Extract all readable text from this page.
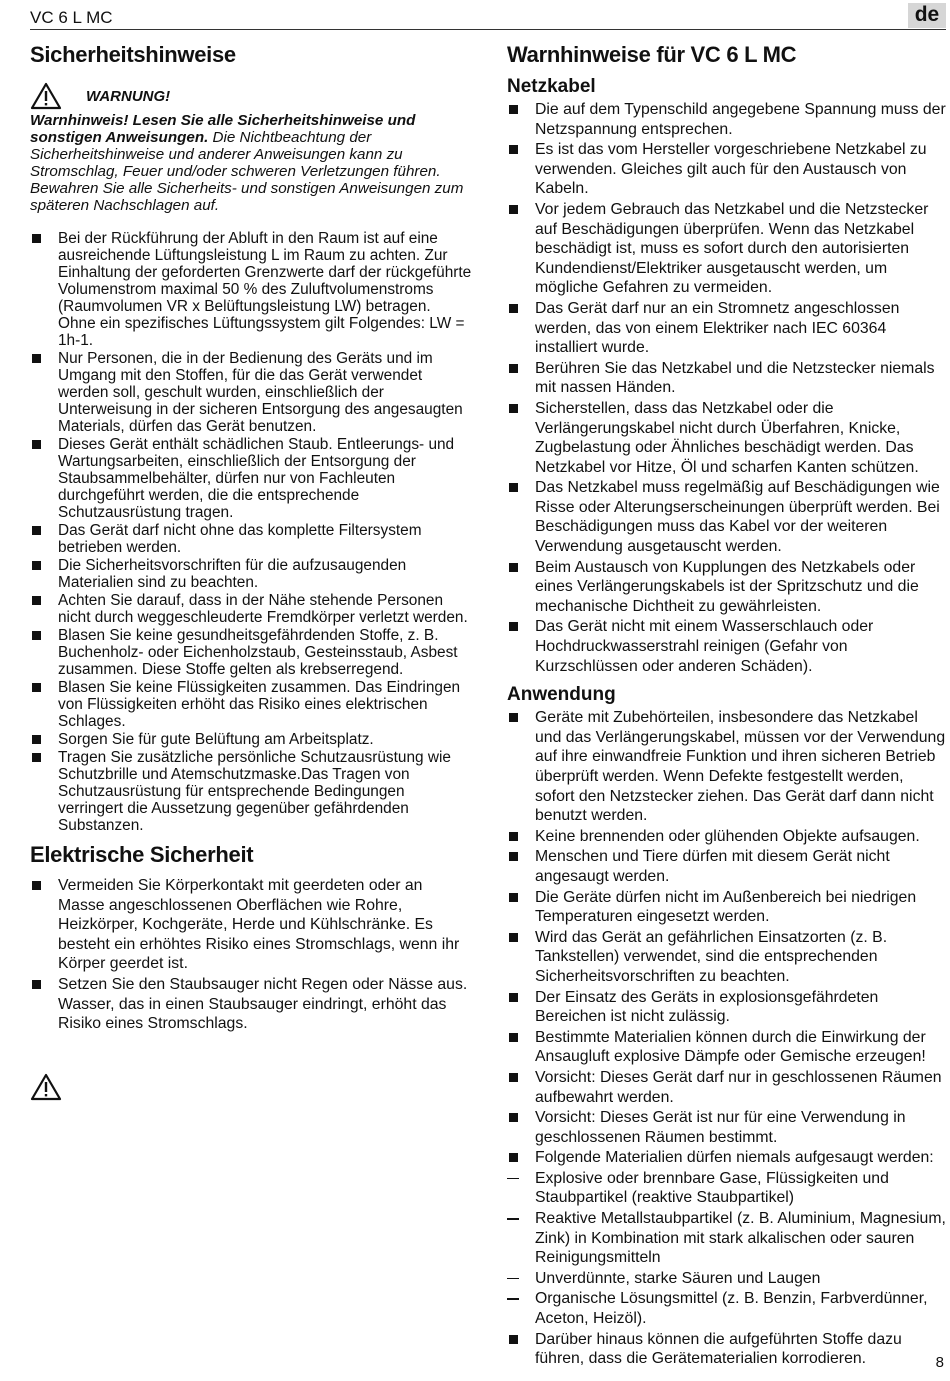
VC 6 L MC	de
Sicherheitshinweise
WARNUNG!

Warnhinweis! Lesen Sie alle Sicherheitshinweise und sonstigen Anweisungen. Die Nichtbeachtung der Sicherheitshinweise und anderer Anweisungen kann zu Stromschlag, Feuer und/oder schweren Verletzungen führen.

Bewahren Sie alle Sicherheits- und sonstigen Anweisungen zum späteren Nachschlagen auf.

Bei der Rückführung der Abluft in den Raum ist auf eine ausreichende Lüftungsleistung L im Raum zu achten. Zur Einhaltung der geforderten Grenzwerte darf der rückgeführte Volumenstrom maximal 50 % des Zuluftvolumenstroms (Raumvolumen VR x Belüftungsleistung LW) betragen. Ohne ein spezifisches Lüftungssystem gilt Folgendes: LW = 1h-1.
Nur Personen, die in der Bedienung des Geräts und im Umgang mit den Stoffen, für die das Gerät verwendet werden soll, geschult wurden, einschließlich der Unterweisung in der sicheren Entsorgung des angesaugten Materials, dürfen das Gerät benutzen.
Dieses Gerät enthält schädlichen Staub. Entleerungs- und Wartungsarbeiten, einschließlich der Entsorgung der Staubsammelbehälter, dürfen nur von Fachleuten durchgeführt werden, die die entsprechende Schutzausrüstung tragen.
Das Gerät darf nicht ohne das komplette Filtersystem betrieben werden.
Die Sicherheitsvorschriften für die aufzusaugenden Materialien sind zu beachten.
Achten Sie darauf, dass in der Nähe stehende Personen nicht durch weggeschleuderte Fremdkörper verletzt werden.
Blasen Sie keine gesundheitsgefährdenden Stoffe, z. B. Buchenholz- oder Eichenholzstaub, Gesteinsstaub, Asbest zusammen. Diese Stoffe gelten als krebserregend.
Blasen Sie keine Flüssigkeiten zusammen. Das Eindringen von Flüssigkeiten erhöht das Risiko eines elektrischen Schlages.
Sorgen Sie für gute Belüftung am Arbeitsplatz.
Tragen Sie zusätzliche persönliche Schutzausrüstung wie Schutzbrille und Atemschutzmaske.Das Tragen von Schutzausrüstung für entsprechende Bedingungen verringert die Aussetzung gegenüber gefährdenden Substanzen.
Elektrische Sicherheit
Vermeiden Sie Körperkontakt mit geerdeten oder an Masse angeschlossenen Oberflächen wie Rohre, Heizkörper, Kochgeräte, Herde und Kühlschränke. Es besteht ein erhöhtes Risiko eines Stromschlags, wenn ihr Körper geerdet ist.
Setzen Sie den Staubsauger nicht Regen oder Nässe aus. Wasser, das in einen Staubsauger eindringt, erhöht das Risiko eines Stromschlags.
Warnhinweise für VC 6 L MC
Netzkabel
Die auf dem Typenschild angegebene Spannung muss der Netzspannung entsprechen.
Es ist das vom Hersteller vorgeschriebene Netzkabel zu verwenden. Gleiches gilt auch für den Austausch von Kabeln.
Vor jedem Gebrauch das Netzkabel und die Netzstecker auf Beschädigungen überprüfen. Wenn das Netzkabel beschädigt ist, muss es sofort durch den autorisierten Kundendienst/Elektriker ausgetauscht werden, um mögliche Gefahren zu vermeiden.
Das Gerät darf nur an ein Stromnetz angeschlossen werden, das von einem Elektriker nach IEC 60364 installiert wurde.
Berühren Sie das Netzkabel und die Netzstecker niemals mit nassen Händen.
Sicherstellen, dass das Netzkabel oder die Verlängerungskabel nicht durch Überfahren, Knicke, Zugbelastung oder Ähnliches beschädigt werden. Das Netzkabel vor Hitze, Öl und scharfen Kanten schützen.
Das Netzkabel muss regelmäßig auf Beschädigungen wie Risse oder Alterungserscheinungen überprüft werden. Bei Beschädigungen muss das Kabel vor der weiteren Verwendung ausgetauscht werden.
Beim Austausch von Kupplungen des Netzkabels oder eines Verlängerungskabels ist der Spritzschutz und die mechanische Dichtheit zu gewährleisten.
Das Gerät nicht mit einem Wasserschlauch oder Hochdruckwasserstrahl reinigen (Gefahr von Kurzschlüssen oder anderen Schäden).
Anwendung
Geräte mit Zubehörteilen, insbesondere das Netzkabel und das Verlängerungskabel, müssen vor der Verwendung auf ihre einwandfreie Funktion und ihren sicheren Betrieb überprüft werden. Wenn Defekte festgestellt werden, sofort den Netzstecker ziehen. Das Gerät darf dann nicht benutzt werden.
Keine brennenden oder glühenden Objekte aufsaugen.
Menschen und Tiere dürfen mit diesem Gerät nicht angesaugt werden.
Die Geräte dürfen nicht im Außenbereich bei niedrigen Temperaturen eingesetzt werden.
Wird das Gerät an gefährlichen Einsatzorten (z. B. Tankstellen) verwendet, sind die entsprechenden Sicherheitsvorschriften zu beachten.
Der Einsatz des Geräts in explosionsgefährdeten Bereichen ist nicht zulässig.
Bestimmte Materialien können durch die Einwirkung der Ansaugluft explosive Dämpfe oder Gemische erzeugen!
Vorsicht: Dieses Gerät darf nur in geschlossenen Räumen aufbewahrt werden.
Vorsicht: Dieses Gerät ist nur für eine Verwendung in geschlossenen Räumen bestimmt.
Folgende Materialien dürfen niemals aufgesaugt werden:
Explosive oder brennbare Gase, Flüssigkeiten und Staubpartikel (reaktive Staubpartikel)
Reaktive Metallstaubpartikel (z. B. Aluminium, Magnesium, Zink) in Kombination mit stark alkalischen oder sauren Reinigungsmitteln
Unverdünnte, starke Säuren und Laugen
Organische Lösungsmittel (z. B. Benzin, Farbverdünner, Aceton, Heizöl).
Darüber hinaus können die aufgeführten Stoffe dazu führen, dass die Gerätematerialien korrodieren.	8
